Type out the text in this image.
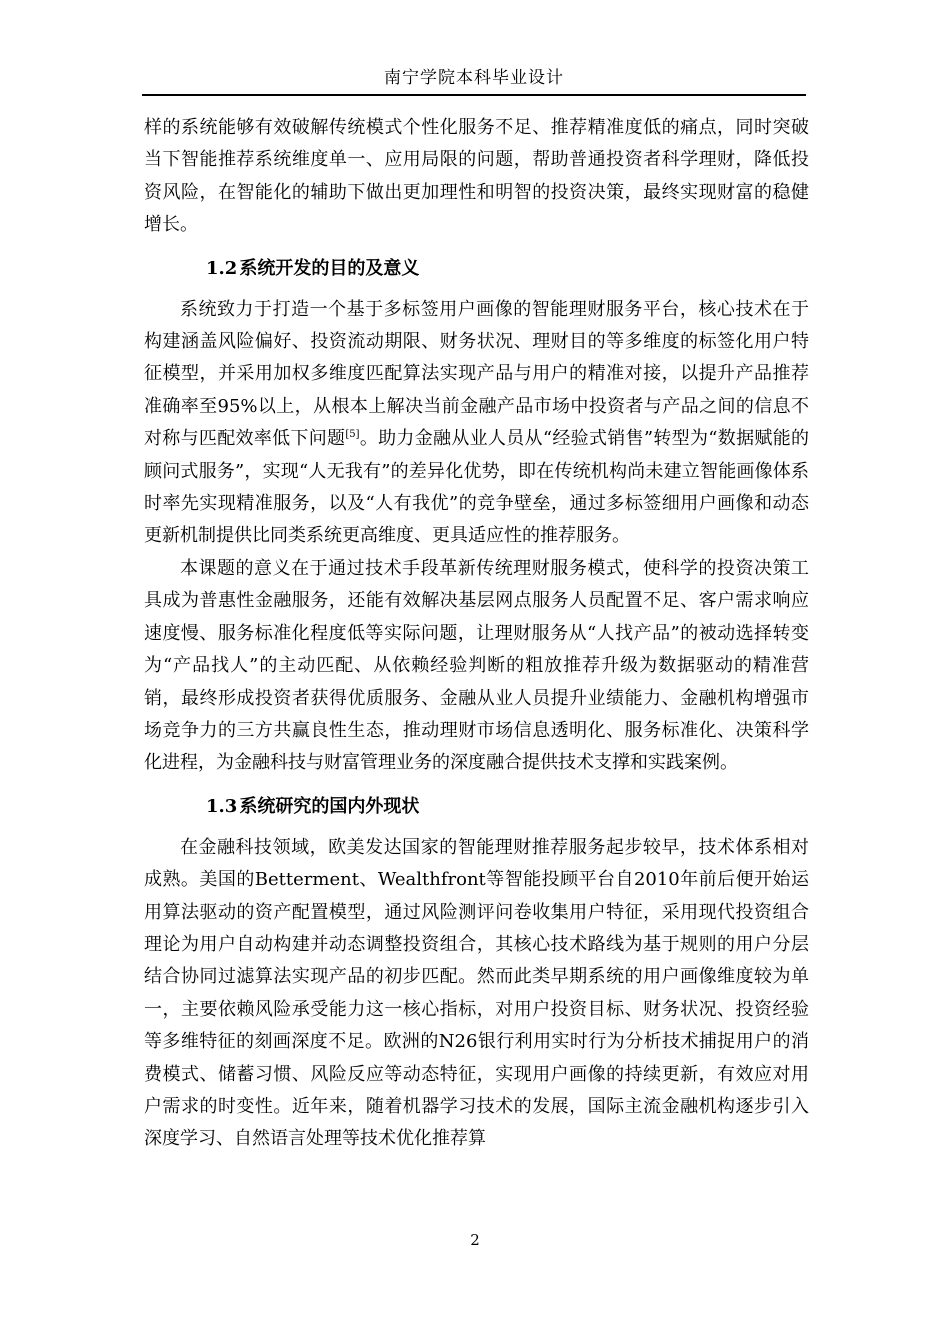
南宁学院本科毕业设计

样的系统能够有效破解传统模式个性化服务不足、推荐精准度低的痛点，同时突破当下智能推荐系统维度单一、应用局限的问题，帮助普通投资者科学理财，降低投资风险，在智能化的辅助下做出更加理性和明智的投资决策，最终实现财富的稳健增长。

1.2 系统开发的目的及意义

系统致力于打造一个基于多标签用户画像的智能理财服务平台，核心技术在于构建涵盖风险偏好、投资流动期限、财务状况、理财目的等多维度的标签化用户特征模型，并采用加权多维度匹配算法实现产品与用户的精准对接，以提升产品推荐准确率至95%以上，从根本上解决当前金融产品市场中投资者与产品之间的信息不对称与匹配效率低下问题[5]。助力金融从业人员从“经验式销售”转型为“数据赋能的顾问式服务”，实现“人无我有”的差异化优势，即在传统机构尚未建立智能画像体系时率先实现精准服务，以及“人有我优”的竞争壁垒，通过多标签细用户画像和动态更新机制提供比同类系统更高维度、更具适应性的推荐服务。

本课题的意义在于通过技术手段革新传统理财服务模式，使科学的投资决策工具成为普惠性金融服务，还能有效解决基层网点服务人员配置不足、客户需求响应速度慢、服务标准化程度低等实际问题，让理财服务从“人找产品”的被动选择转变为“产品找人”的主动匹配、从依赖经验判断的粗放推荐升级为数据驱动的精准营销，最终形成投资者获得优质服务、金融从业人员提升业绩能力、金融机构增强市场竞争力的三方共赢良性生态，推动理财市场信息透明化、服务标准化、决策科学化进程，为金融科技与财富管理业务的深度融合提供技术支撑和实践案例。

1.3 系统研究的国内外现状

在金融科技领域，欧美发达国家的智能理财推荐服务起步较早，技术体系相对成熟。美国的Betterment、Wealthfront等智能投顾平台自2010年前后便开始运用算法驱动的资产配置模型，通过风险测评问卷收集用户特征，采用现代投资组合理论为用户自动构建并动态调整投资组合，其核心技术路线为基于规则的用户分层结合协同过滤算法实现产品的初步匹配。然而此类早期系统的用户画像维度较为单一，主要依赖风险承受能力这一核心指标，对用户投资目标、财务状况、投资经验等多维特征的刻画深度不足。欧洲的N26银行利用实时行为分析技术捕捉用户的消费模式、储蓄习惯、风险反应等动态特征，实现用户画像的持续更新，有效应对用户需求的时变性。近年来，随着机器学习技术的发展，国际主流金融机构逐步引入深度学习、自然语言处理等技术优化推荐算

2
